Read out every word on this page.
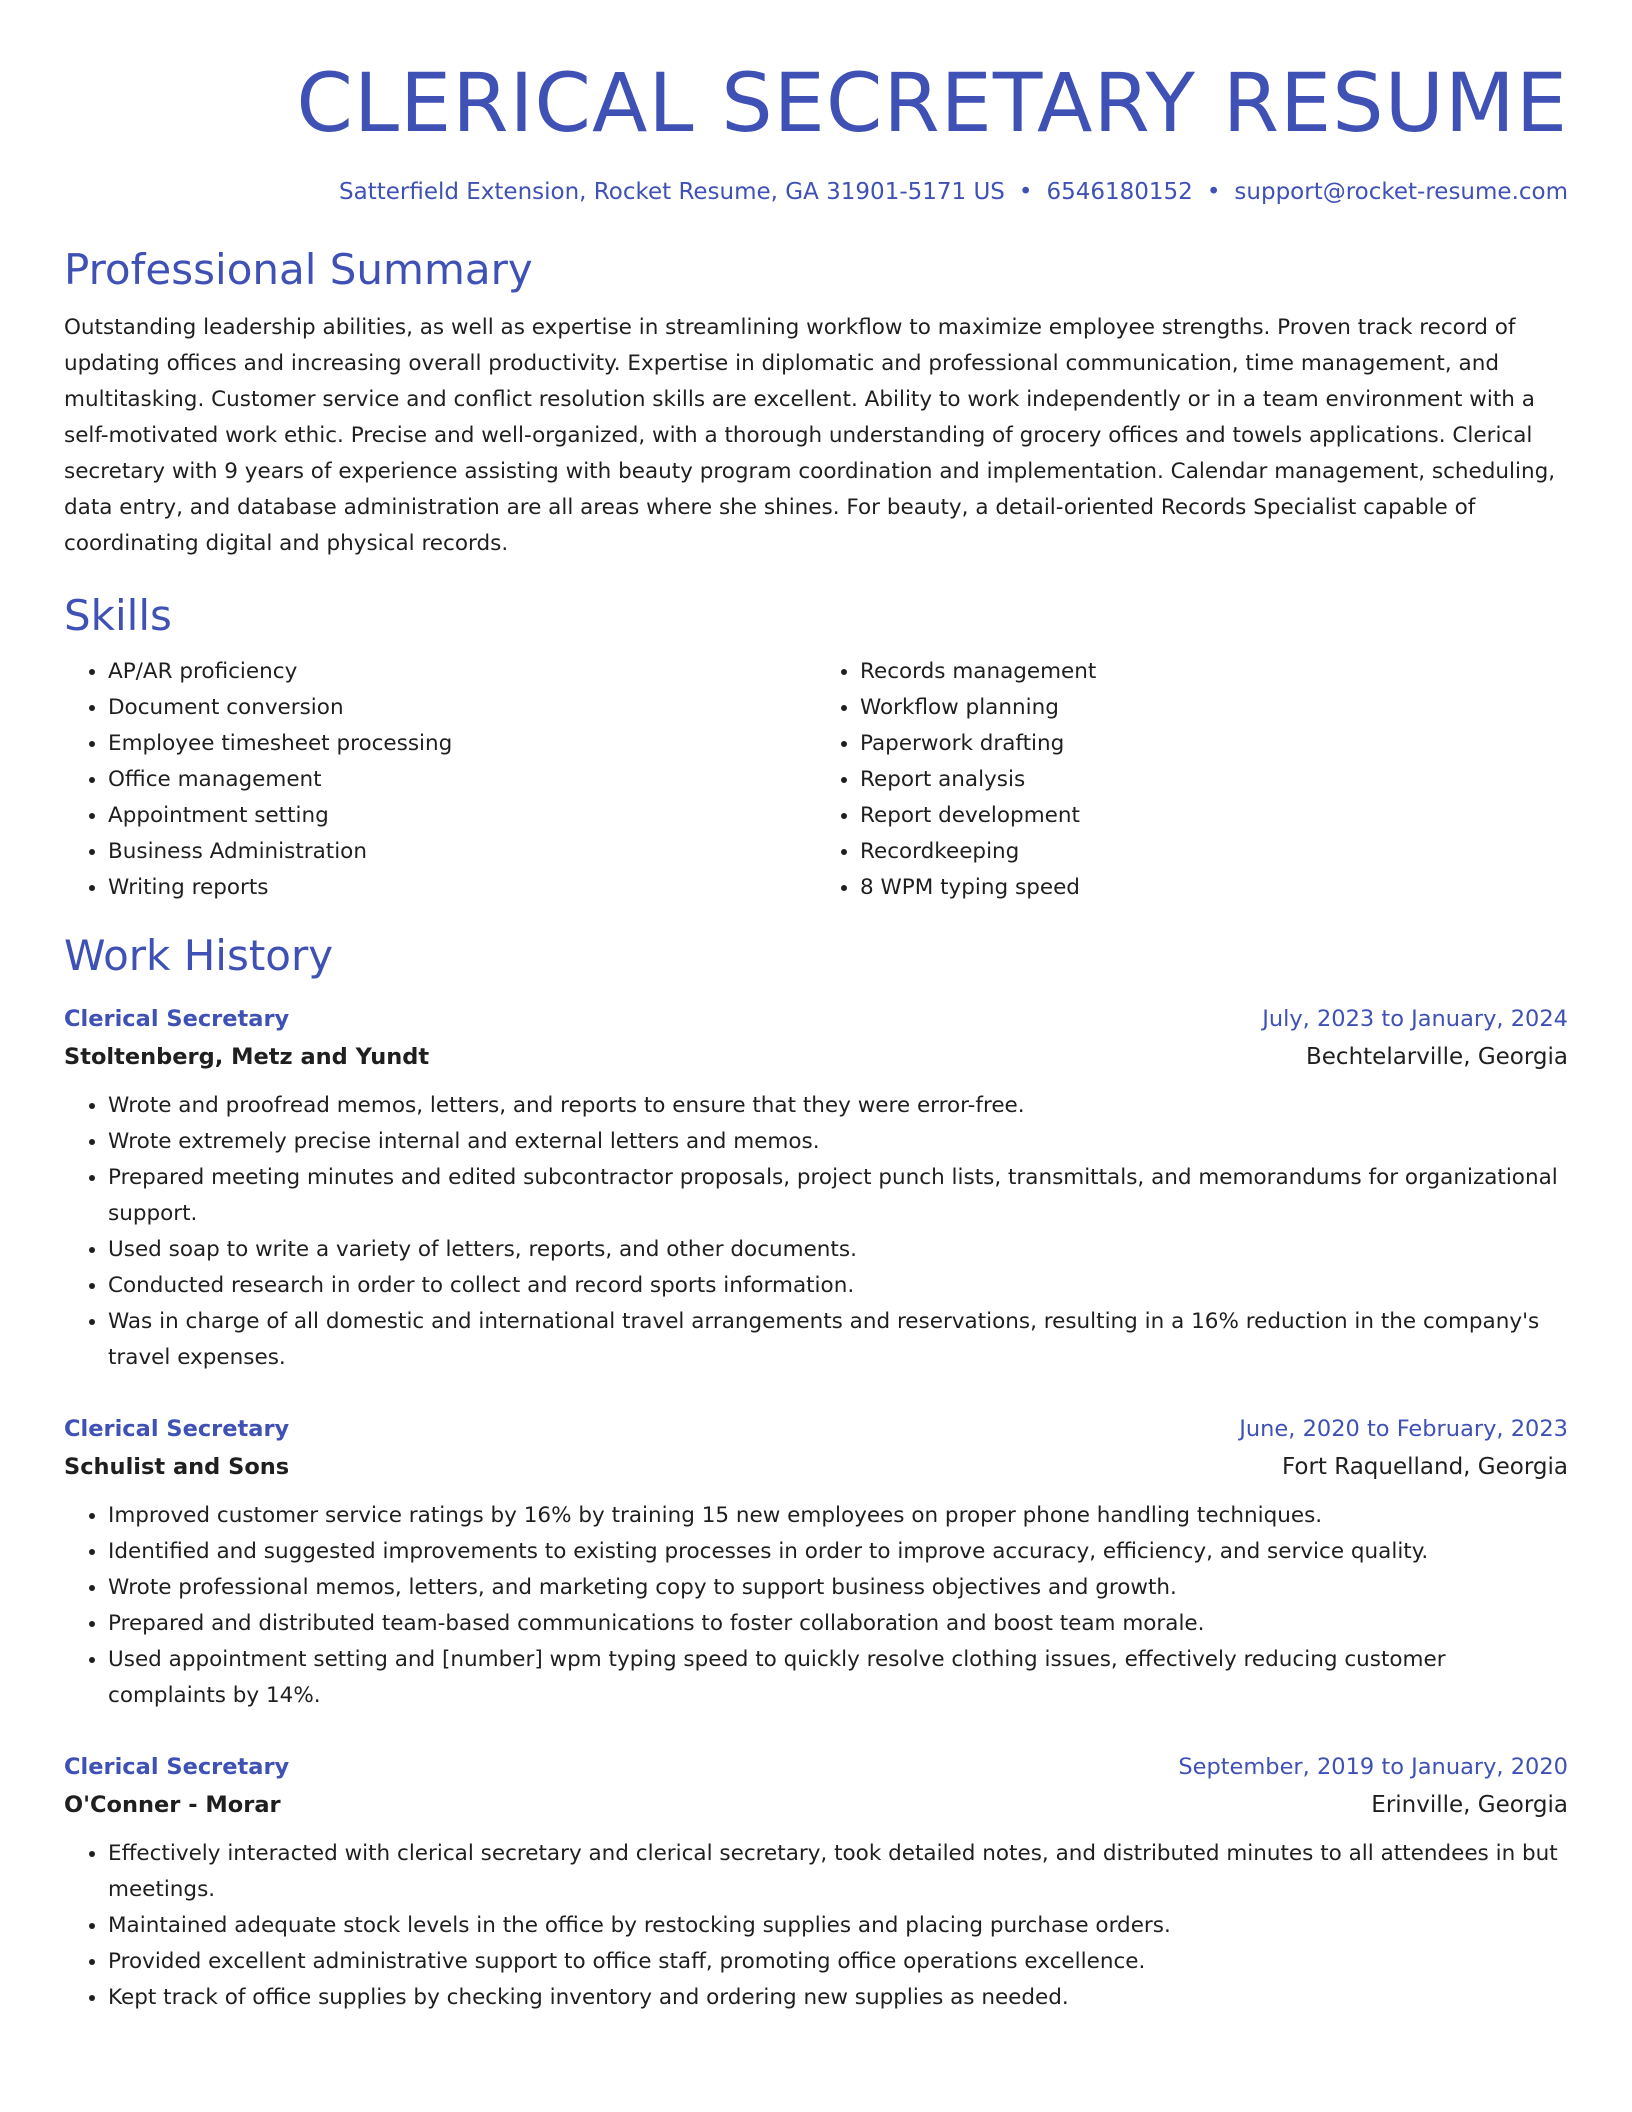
CLERICAL SECRETARY RESUME
Satterfield Extension, Rocket Resume, GA 31901-5171 US • 6546180152 • support@rocket-resume.com
Professional Summary
Outstanding leadership abilities, as well as expertise in streamlining workflow to maximize employee strengths. Proven track record of updating offices and increasing overall productivity. Expertise in diplomatic and professional communication, time management, and multitasking. Customer service and conflict resolution skills are excellent. Ability to work independently or in a team environment with a self-motivated work ethic. Precise and well-organized, with a thorough understanding of grocery offices and towels applications. Clerical secretary with 9 years of experience assisting with beauty program coordination and implementation. Calendar management, scheduling, data entry, and database administration are all areas where she shines. For beauty, a detail-oriented Records Specialist capable of coordinating digital and physical records.
Skills
• AP/AR proficiency
• Document conversion
• Employee timesheet processing
• Office management
• Appointment setting
• Business Administration
• Writing reports
• Records management
• Workflow planning
• Paperwork drafting
• Report analysis
• Report development
• Recordkeeping
• 8 WPM typing speed
Work History
Clerical Secretary	July, 2023 to January, 2024
Stoltenberg, Metz and Yundt	Bechtelarville, Georgia
• Wrote and proofread memos, letters, and reports to ensure that they were error-free.
• Wrote extremely precise internal and external letters and memos.
• Prepared meeting minutes and edited subcontractor proposals, project punch lists, transmittals, and memorandums for organizational support.
• Used soap to write a variety of letters, reports, and other documents.
• Conducted research in order to collect and record sports information.
• Was in charge of all domestic and international travel arrangements and reservations, resulting in a 16% reduction in the company's travel expenses.
Clerical Secretary	June, 2020 to February, 2023
Schulist and Sons	Fort Raquelland, Georgia
• Improved customer service ratings by 16% by training 15 new employees on proper phone handling techniques.
• Identified and suggested improvements to existing processes in order to improve accuracy, efficiency, and service quality.
• Wrote professional memos, letters, and marketing copy to support business objectives and growth.
• Prepared and distributed team-based communications to foster collaboration and boost team morale.
• Used appointment setting and [number] wpm typing speed to quickly resolve clothing issues, effectively reducing customer complaints by 14%.
Clerical Secretary	September, 2019 to January, 2020
O'Conner - Morar	Erinville, Georgia
• Effectively interacted with clerical secretary and clerical secretary, took detailed notes, and distributed minutes to all attendees in but meetings.
• Maintained adequate stock levels in the office by restocking supplies and placing purchase orders.
• Provided excellent administrative support to office staff, promoting office operations excellence.
• Kept track of office supplies by checking inventory and ordering new supplies as needed.
